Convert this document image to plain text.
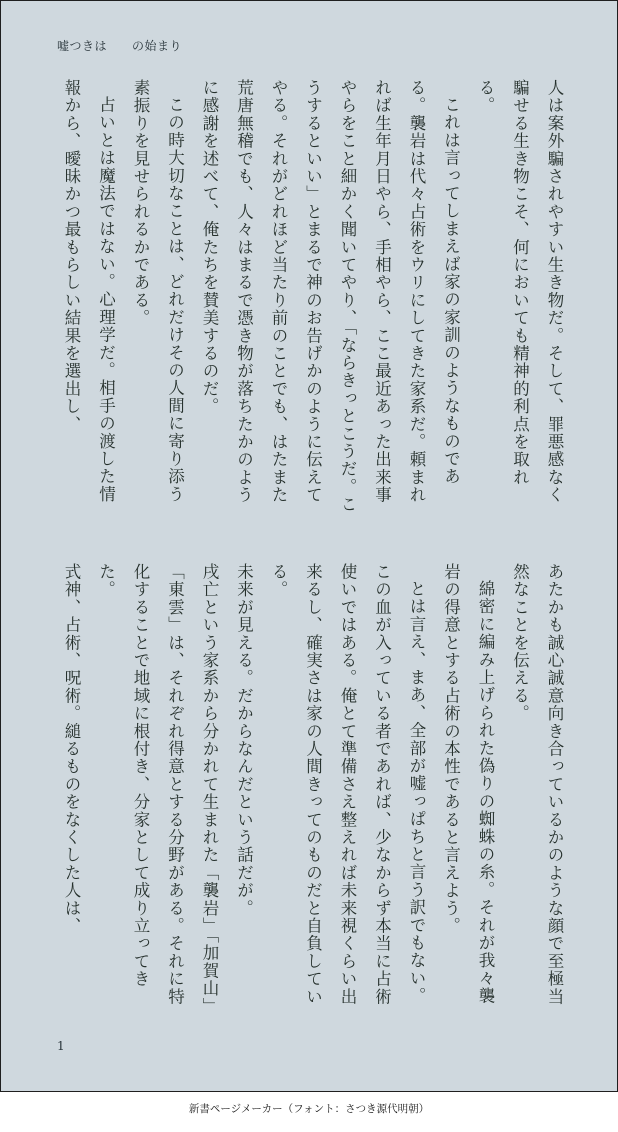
嘘つきは　　の始まり

人は案外騙されやすい生き物だ。そして、罪悪感なく騙せる生き物こそ、何においても精神的利点を取れる。

これは言ってしまえば家の家訓のようなものである。襲岩は代々占術をウリにしてきた家系だ。頼まれれば生年月日やら、手相やら、ここ最近あった出来事やらをこと細かく聞いてやり、「ならきっとこうだ。こうするといい」とまるで神のお告げかのように伝えてやる。それがどれほど当たり前のことでも、はたまた荒唐無稽でも、人々はまるで憑き物が落ちたかのように感謝を述べて、俺たちを賛美するのだ。

この時大切なことは、どれだけその人間に寄り添う素振りを見せられるかである。

占いとは魔法ではない。心理学だ。相手の渡した情報から、曖昧かつ最もらしい結果を選出し、

あたかも誠心誠意向き合っているかのような顔で至極当然なことを伝える。

綿密に編み上げられた偽りの蜘蛛の糸。それが我々襲岩の得意とする占術の本性であると言えよう。

とは言え、まあ、全部が嘘っぱちと言う訳でもない。この血が入っている者であれば、少なからず本当に占術使いではある。俺とて準備さえ整えれば未来視くらい出来るし、確実さは家の人間きってのものだと自負している。

未来が見える。だからなんだという話だが。

戌亡という家系から分かれて生まれた「襲岩」「加賀山」「東雲」は、それぞれ得意とする分野がある。それに特化することで地域に根付き、分家として成り立ってきた。

式神、占術、呪術。縋るものをなくした人は、

1
新書ページメーカー（フォント：さつき源代明朝）
